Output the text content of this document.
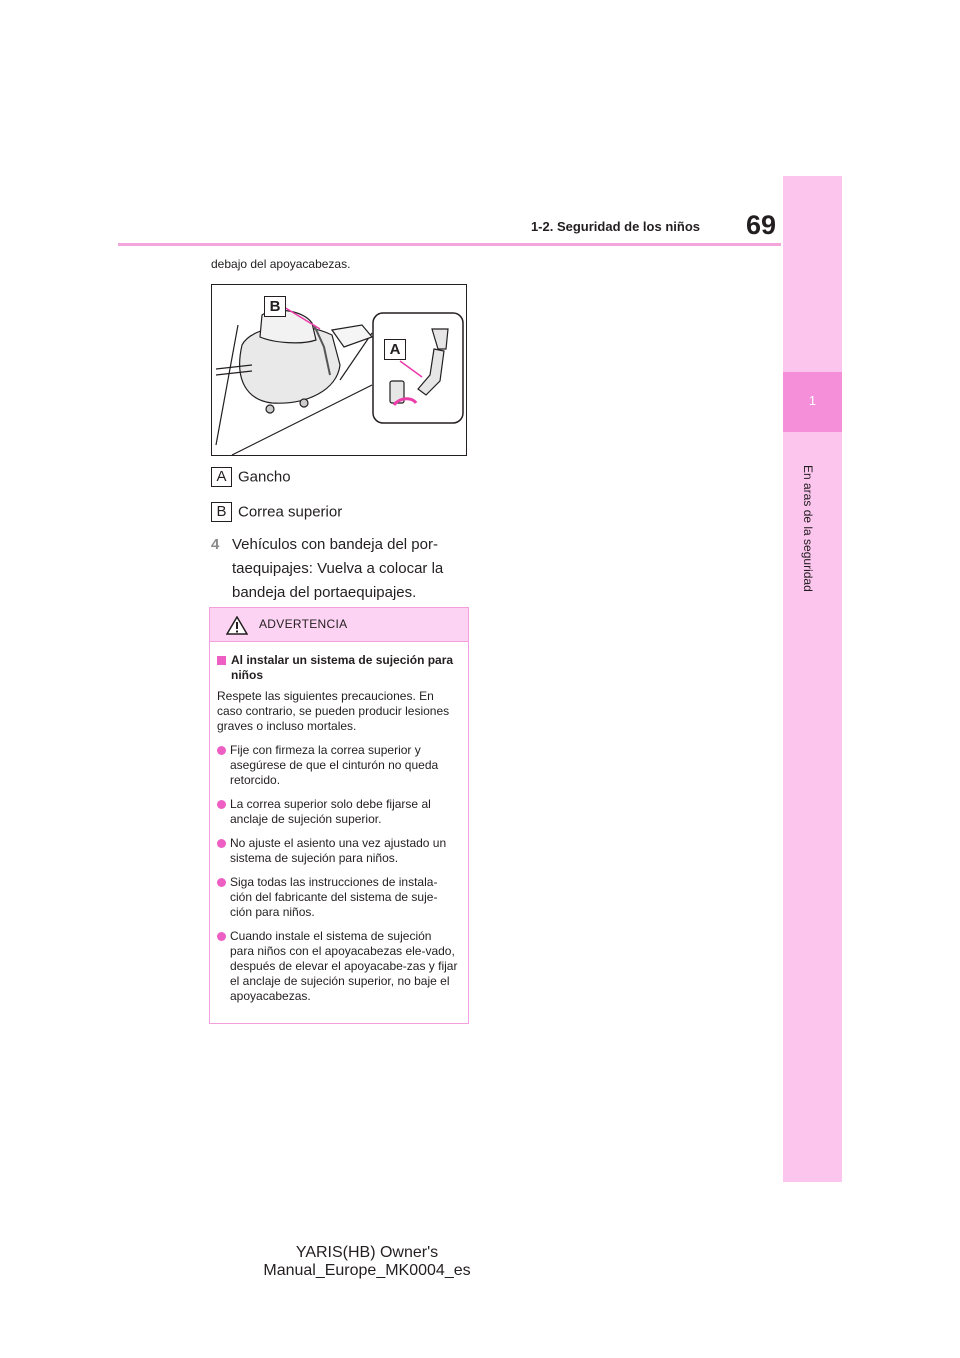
69
1-2. Seguridad de los niños
1
En aras de la seguridad
debajo del apoyacabezas.
B
A
A Gancho
B Correa superior
4 Vehículos con bandeja del por-taequipajes: Vuelva a colocar la bandeja del portaequipajes.
ADVERTENCIA
Al instalar un sistema de sujeción para niños
Respete las siguientes precauciones. En caso contrario, se pueden producir lesiones graves o incluso mortales.
Fije con firmeza la correa superior y asegúrese de que el cinturón no queda retorcido.
La correa superior solo debe fijarse al anclaje de sujeción superior.
No ajuste el asiento una vez ajustado un sistema de sujeción para niños.
Siga todas las instrucciones de instala-ción del fabricante del sistema de suje-ción para niños.
Cuando instale el sistema de sujeción para niños con el apoyacabezas ele-vado, después de elevar el apoyacabe-zas y fijar el anclaje de sujeción superior, no baje el apoyacabezas.
YARIS(HB) Owner's Manual_Europe_MK0004_es
